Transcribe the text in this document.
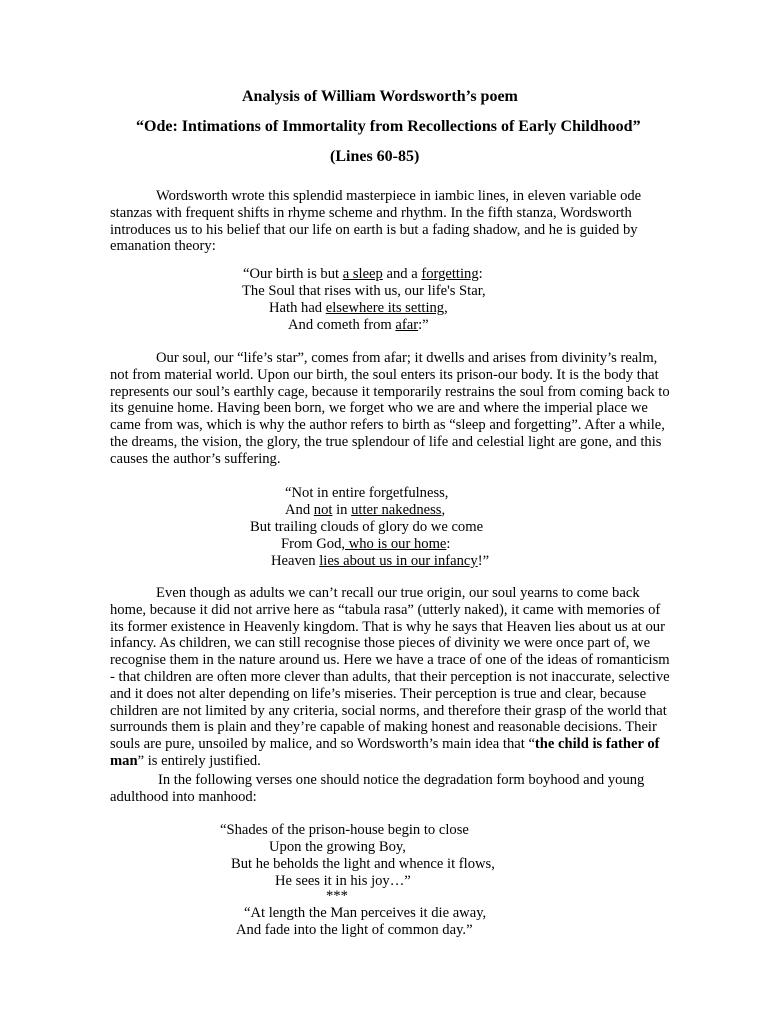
Analysis of William Wordsworth’s poem
“Ode: Intimations of Immortality from Recollections of Early Childhood”
(Lines 60-85)
Wordsworth wrote this splendid masterpiece in iambic lines, in eleven variable ode stanzas with frequent shifts in rhyme scheme and rhythm. In the fifth stanza, Wordsworth introduces us to his belief that our life on earth is but a fading shadow, and he is guided by emanation theory:
“Our birth is but a sleep and a forgetting:
The Soul that rises with us, our life's Star,
Hath had elsewhere its setting,
And cometh from afar:”
Our soul, our “life’s star”, comes from afar; it dwells and arises from divinity’s realm, not from material world. Upon our birth, the soul enters its prison-our body. It is the body that represents our soul’s earthly cage, because it temporarily restrains the soul from coming back to its genuine home. Having been born, we forget who we are and where the imperial place we came from was, which is why the author refers to birth as “sleep and forgetting”. After a while, the dreams, the vision, the glory, the true splendour of life and celestial light are gone, and this causes the author’s suffering.
“Not in entire forgetfulness,
And not in utter nakedness,
But trailing clouds of glory do we come
From God, who is our home:
Heaven lies about us in our infancy!”
Even though as adults we can’t recall our true origin, our soul yearns to come back home, because it did not arrive here as “tabula rasa” (utterly naked), it came with memories of its former existence in Heavenly kingdom. That is why he says that Heaven lies about us at our infancy. As children, we can still recognise those pieces of divinity we were once part of, we recognise them in the nature around us. Here we have a trace of one of the ideas of romanticism - that children are often more clever than adults, that their perception is not inaccurate, selective and it does not alter depending on life’s miseries. Their perception is true and clear, because children are not limited by any criteria, social norms, and therefore their grasp of the world that surrounds them is plain and they’re capable of making honest and reasonable decisions. Their souls are pure, unsoiled by malice, and so Wordsworth’s main idea that “the child is father of man” is entirely justified.
In the following verses one should notice the degradation form boyhood and young adulthood into manhood:
“Shades of the prison-house begin to close
Upon the growing Boy,
But he beholds the light and whence it flows,
He sees it in his joy…”
***
“At length the Man perceives it die away,
And fade into the light of common day.”
